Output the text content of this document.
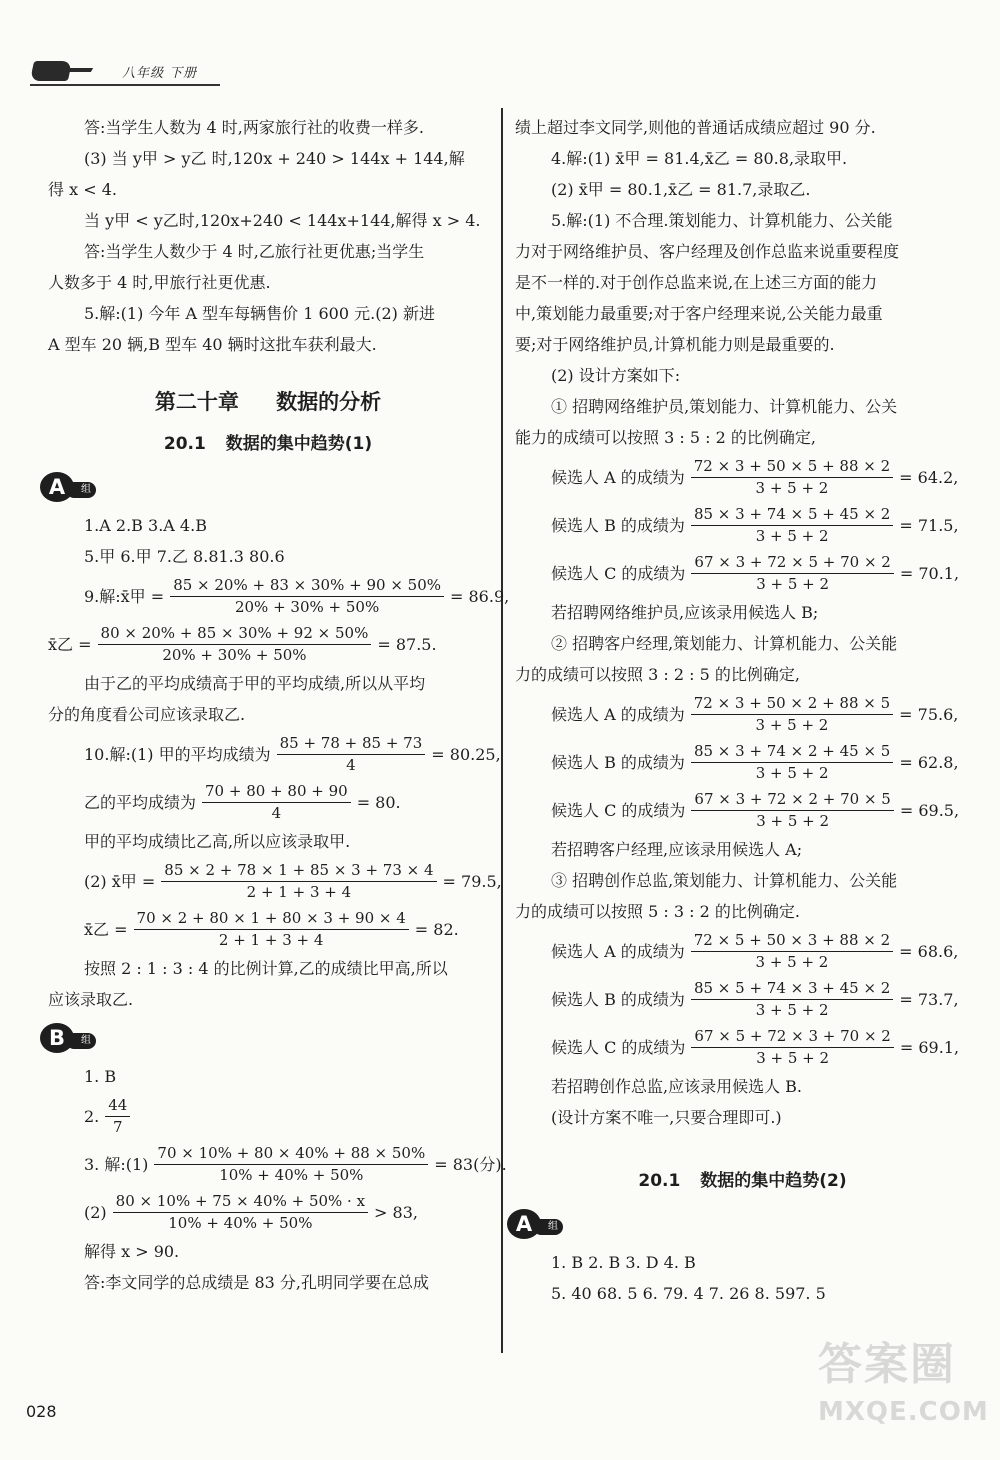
八年级 下册
答:当学生人数为 4 时,两家旅行社的收费一样多.
(3) 当 y甲 > y乙 时,120x + 240 > 144x + 144,解
得 x < 4.
当 y甲 < y乙时,120x+240 < 144x+144,解得 x > 4.
答:当学生人数少于 4 时,乙旅行社更优惠;当学生
人数多于 4 时,甲旅行社更优惠.
5.解:(1) 今年 A 型车每辆售价 1 600 元.(2) 新进
A 型车 20 辆,B 型车 40 辆时这批车获利最大.
第二十章 数据的分析
20.1 数据的集中趋势(1)
组
A
1.A 2.B 3.A 4.B
5.甲 6.甲 7.乙 8.81.3 80.6
9.解:x̄甲 = $\frac{85 \times 20\% + 83 \times 30\% + 90 \times 50\%}{20\% + 30\% + 50\%} = 86.9$,
x̄乙 = $\frac{80 \times 20\% + 85 \times 30\% + 92 \times 50\%}{20\% + 30\% + 50\%} = 87.5$.
由于乙的平均成绩高于甲的平均成绩,所以从平均
分的角度看公司应该录取乙.
10.解:(1) 甲的平均成绩为 $\frac{85 + 78 + 85 + 73}{4} = 80.25$,
乙的平均成绩为 $\frac{70 + 80 + 80 + 90}{4} = 80$.
甲的平均成绩比乙高,所以应该录取甲.
(2) x̄甲 = $\frac{85 \times 2 + 78 \times 1 + 85 \times 3 + 73 \times 4}{2 + 1 + 3 + 4} = 79.5$,
x̄乙 = $\frac{70 \times 2 + 80 \times 1 + 80 \times 3 + 90 \times 4}{2 + 1 + 3 + 4} = 82$.
按照 2 : 1 : 3 : 4 的比例计算,乙的成绩比甲高,所以
应该录取乙.
组
B
1. B
2. $\frac{44}{7}$
3. 解:(1) $\frac{70 \times 10\% + 80 \times 40\% + 88 \times 50\%}{10\% + 40\% + 50\%} = 83$(分).
$(2) \frac{80 \times 10\% + 75 \times 40\% + 50\% \cdot x}{10\% + 40\% + 50\%} > 83$,
解得 x > 90.
答:李文同学的总成绩是 83 分,孔明同学要在总成
绩上超过李文同学,则他的普通话成绩应超过 90 分.
4.解:(1) x̄甲 = 81.4,x̄乙 = 80.8,录取甲.
(2) x̄甲 = 80.1,x̄乙 = 81.7,录取乙.
5.解:(1) 不合理.策划能力、计算机能力、公关能
力对于网络维护员、客户经理及创作总监来说重要程度
是不一样的.对于创作总监来说,在上述三方面的能力
中,策划能力最重要;对于客户经理来说,公关能力最重
要;对于网络维护员,计算机能力则是最重要的.
(2) 设计方案如下:
① 招聘网络维护员,策划能力、计算机能力、公关
能力的成绩可以按照 3 : 5 : 2 的比例确定,
候选人 A 的成绩为 $\frac{72 \times 3 + 50 \times 5 + 88 \times 2}{3 + 5 + 2} = 64.2$,
候选人 B 的成绩为 $\frac{85 \times 3 + 74 \times 5 + 45 \times 2}{3 + 5 + 2} = 71.5$,
候选人 C 的成绩为 $\frac{67 \times 3 + 72 \times 5 + 70 \times 2}{3 + 5 + 2} = 70.1$,
若招聘网络维护员,应该录用候选人 B;
② 招聘客户经理,策划能力、计算机能力、公关能
力的成绩可以按照 3 : 2 : 5 的比例确定,
候选人 A 的成绩为 $\frac{72 \times 3 + 50 \times 2 + 88 \times 5}{3 + 5 + 2} = 75.6$,
候选人 B 的成绩为 $\frac{85 \times 3 + 74 \times 2 + 45 \times 5}{3 + 5 + 2} = 62.8$,
候选人 C 的成绩为 $\frac{67 \times 3 + 72 \times 2 + 70 \times 5}{3 + 5 + 2} = 69.5$,
若招聘客户经理,应该录用候选人 A;
③ 招聘创作总监,策划能力、计算机能力、公关能
力的成绩可以按照 5 : 3 : 2 的比例确定.
候选人 A 的成绩为 $\frac{72 \times 5 + 50 \times 3 + 88 \times 2}{3 + 5 + 2} = 68.6$,
候选人 B 的成绩为 $\frac{85 \times 5 + 74 \times 3 + 45 \times 2}{3 + 5 + 2} = 73.7$,
候选人 C 的成绩为 $\frac{67 \times 5 + 72 \times 3 + 70 \times 2}{3 + 5 + 2} = 69.1$,
若招聘创作总监,应该录用候选人 B.
(设计方案不唯一,只要合理即可.)
20.1 数据的集中趋势(2)
组
A
1. B 2. B 3. D 4. B
5. 40 68. 5 6. 79. 4 7. 26 8. 597. 5
028
答案圈
MXQE.COM
